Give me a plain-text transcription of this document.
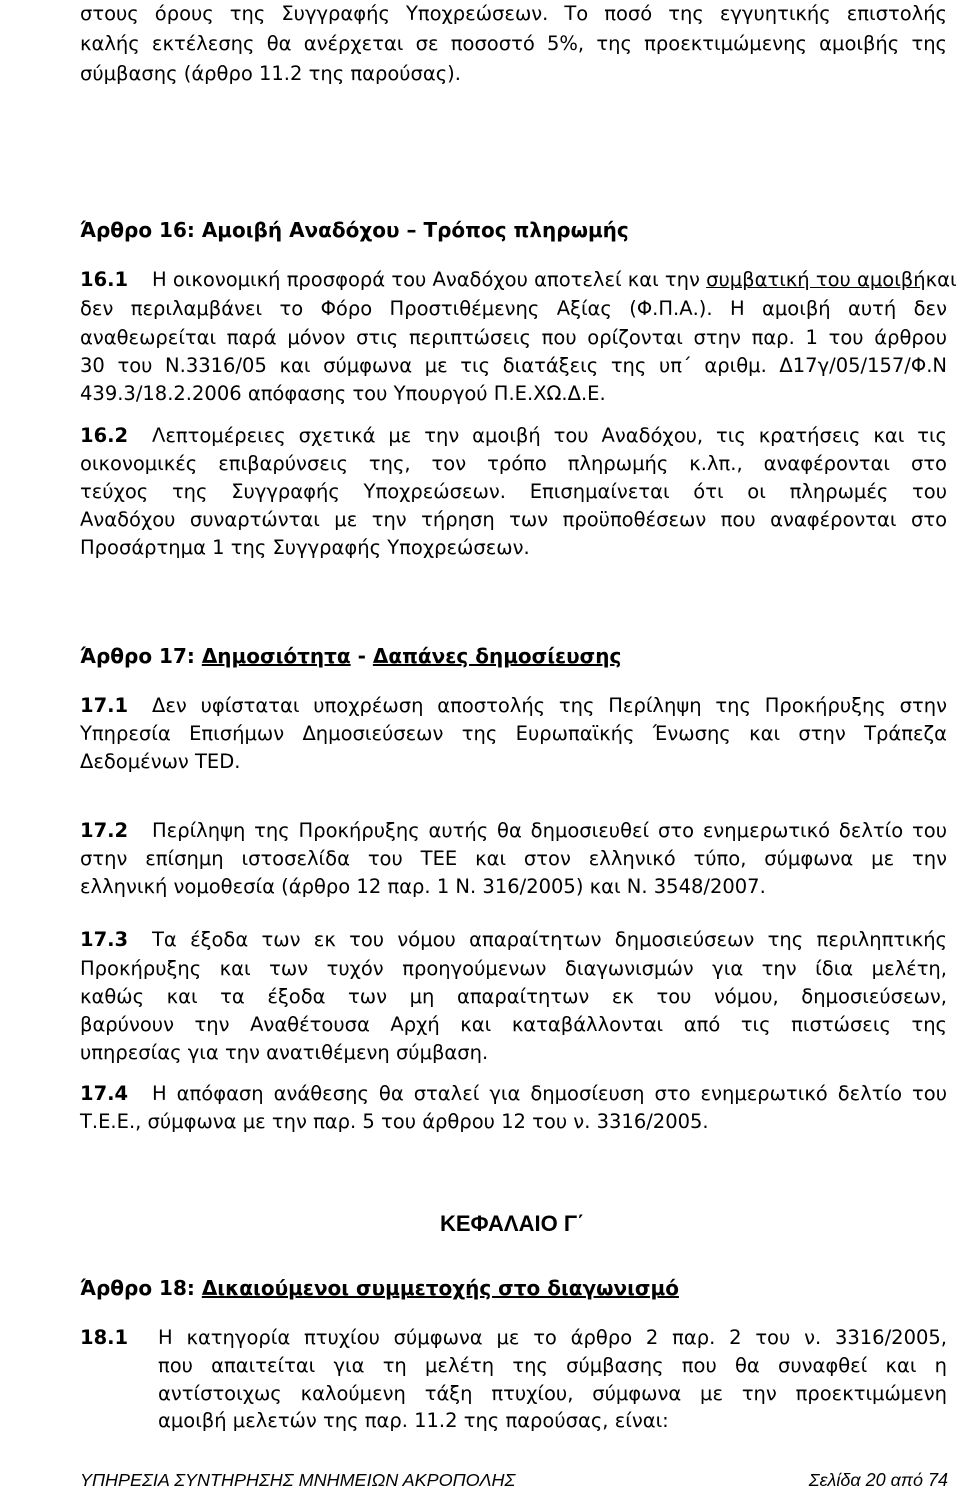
στους όρους της Συγγραφής Υποχρεώσεων. Το ποσό της εγγυητικής επιστολής
καλής εκτέλεσης θα ανέρχεται σε ποσοστό 5%, της προεκτιμώμενης αμοιβής της
σύμβασης (άρθρο 11.2 της παρούσας).
Άρθρο 16: Αμοιβή Αναδόχου – Τρόπος πληρωμής
16.1 Η οικονομική προσφορά του Αναδόχου αποτελεί και την συμβατική του αμοιβή και
δεν περιλαμβάνει το Φόρο Προστιθέμενης Αξίας (Φ.Π.Α.). Η αμοιβή αυτή δεν
αναθεωρείται παρά μόνον στις περιπτώσεις που ορίζονται στην παρ. 1 του άρθρου
30 του Ν.3316/05 και σύμφωνα με τις διατάξεις της υπ΄ αριθμ. Δ17γ/05/157/Φ.Ν
439.3/18.2.2006 απόφασης του Υπουργού Π.Ε.ΧΩ.Δ.Ε.
16.2 Λεπτομέρειες σχετικά με την αμοιβή του Αναδόχου, τις κρατήσεις και τις
οικονομικές επιβαρύνσεις της, τον τρόπο πληρωμής κ.λπ., αναφέρονται στο
τεύχος της Συγγραφής Υποχρεώσεων. Επισημαίνεται ότι οι πληρωμές του
Αναδόχου συναρτώνται με την τήρηση των προϋποθέσεων που αναφέρονται στο
Προσάρτημα 1 της Συγγραφής Υποχρεώσεων.
Άρθρο 17: Δημοσιότητα - Δαπάνες δημοσίευσης
17.1 Δεν υφίσταται υποχρέωση αποστολής της Περίληψη της Προκήρυξης στην
Υπηρεσία Επισήμων Δημοσιεύσεων της Ευρωπαϊκής Ένωσης και στην Τράπεζα
Δεδομένων TED.
17.2 Περίληψη της Προκήρυξης αυτής θα δημοσιευθεί στο ενημερωτικό δελτίο του
στην επίσημη ιστοσελίδα του ΤΕΕ και στον ελληνικό τύπο, σύμφωνα με την
ελληνική νομοθεσία (άρθρο 12 παρ. 1 Ν. 316/2005) και Ν. 3548/2007.
17.3 Τα έξοδα των εκ του νόμου απαραίτητων δημοσιεύσεων της περιληπτικής
Προκήρυξης και των τυχόν προηγούμενων διαγωνισμών για την ίδια μελέτη,
καθώς και τα έξοδα των μη απαραίτητων εκ του νόμου, δημοσιεύσεων,
βαρύνουν την Αναθέτουσα Αρχή και καταβάλλονται από τις πιστώσεις της
υπηρεσίας για την ανατιθέμενη σύμβαση.
17.4 Η απόφαση ανάθεσης θα σταλεί για δημοσίευση στο ενημερωτικό δελτίο του
Τ.Ε.Ε., σύμφωνα με την παρ. 5 του άρθρου 12 του ν. 3316/2005.
ΚΕΦΑΛΑΙΟ Γ΄
Άρθρο 18: Δικαιούμενοι συμμετοχής στο διαγωνισμό
18.1 Η κατηγορία πτυχίου σύμφωνα με το άρθρο 2 παρ. 2 του ν. 3316/2005,
που απαιτείται για τη μελέτη της σύμβασης που θα συναφθεί και η
αντίστοιχως καλούμενη τάξη πτυχίου, σύμφωνα με την προεκτιμώμενη
αμοιβή μελετών της παρ. 11.2 της παρούσας, είναι:
ΥΠΗΡΕΣΙΑ ΣΥΝΤΗΡΗΣΗΣ ΜΝΗΜΕΙΩΝ ΑΚΡΟΠΟΛΗΣ	Σελίδα 20 από 74
